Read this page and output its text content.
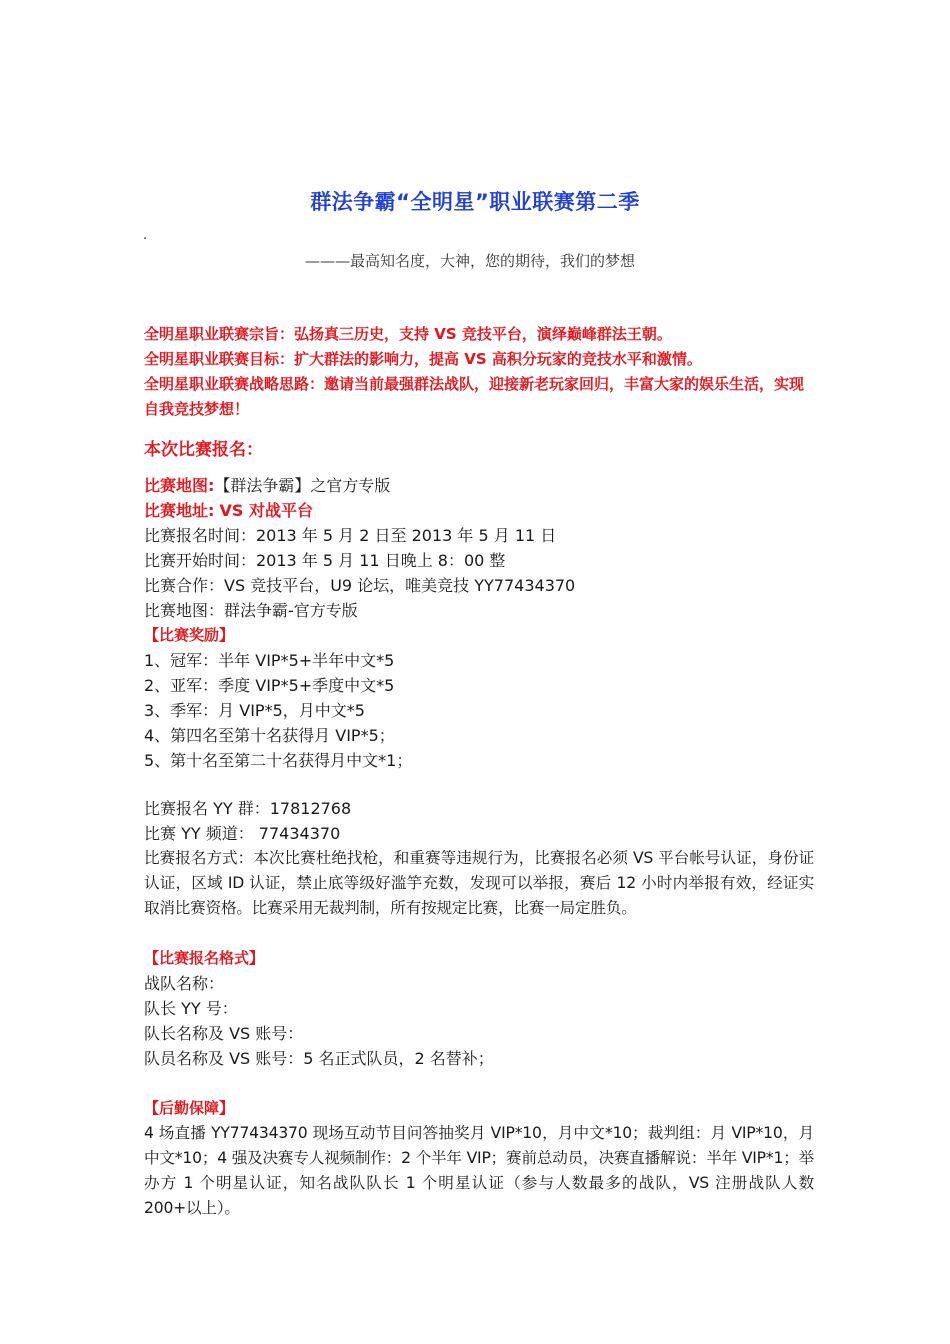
群法争霸“全明星”职业联赛第二季
.
———最高知名度，大神，您的期待，我们的梦想
全明星职业联赛宗旨：弘扬真三历史，支持 VS 竞技平台，演绎巅峰群法王朝。
全明星职业联赛目标：扩大群法的影响力，提高 VS 高积分玩家的竞技水平和激情。
全明星职业联赛战略思路：邀请当前最强群法战队，迎接新老玩家回归，丰富大家的娱乐生活，实现自我竞技梦想！
本次比赛报名：
比赛地图:【群法争霸】之官方专版
比赛地址: VS 对战平台
比赛报名时间：2013 年 5 月 2 日至 2013 年 5 月 11 日
比赛开始时间：2013 年 5 月 11 日晚上 8：00 整
比赛合作：VS 竞技平台，U9 论坛，唯美竞技 YY77434370
比赛地图：群法争霸-官方专版
【比赛奖励】
1、冠军：半年 VIP*5+半年中文*5
2、亚军：季度 VIP*5+季度中文*5
3、季军：月 VIP*5，月中文*5
4、第四名至第十名获得月 VIP*5；
5、第十名至第二十名获得月中文*1；
比赛报名 YY 群：17812768
比赛 YY 频道： 77434370
比赛报名方式：本次比赛杜绝找枪，和重赛等违规行为，比赛报名必须 VS 平台帐号认证，身份证认证，区域 ID 认证，禁止底等级好滥竽充数，发现可以举报，赛后 12 小时内举报有效，经证实取消比赛资格。比赛采用无裁判制，所有按规定比赛，比赛一局定胜负。
【比赛报名格式】
战队名称：
队长 YY 号：
队长名称及 VS 账号：
队员名称及 VS 账号：5 名正式队员，2 名替补；
【后勤保障】
4 场直播 YY77434370 现场互动节目问答抽奖月 VIP*10，月中文*10；裁判组：月 VIP*10，月中文*10；4 强及决赛专人视频制作：2 个半年 VIP；赛前总动员，决赛直播解说：半年 VIP*1；举办方 1 个明星认证，知名战队队长 1 个明星认证（参与人数最多的战队，VS 注册战队人数 200+以上）。
